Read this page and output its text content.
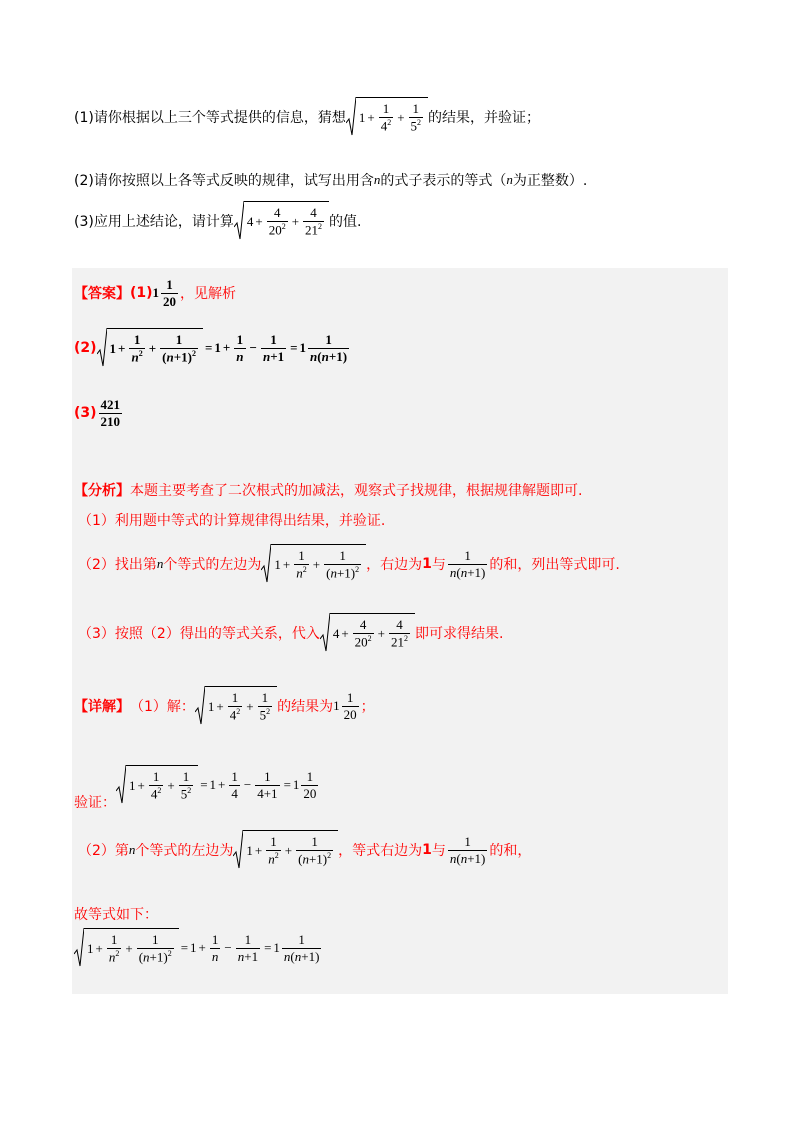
(1)请你根据以上三个等式提供的信息，猜想 $1 + \frac{1}{4^2} + \frac{1}{5^2}$ 的结果，并验证；
(2)请你按照以上各等式反映的规律，试写出用含 n 的式子表示的等式（ n 为正整数）.
(3)应用上述结论，请计算 $4 + \frac{4}{20^2} + \frac{4}{21^2}$ 的值.
【答案】 (1) $1 \frac{1}{20}$ ，见解析
(2) $1 + \frac{1}{n^2} + \frac{1}{(n+1)^2} = 1 + \frac{1}{n} - \frac{1}{n+1} = 1 \frac{1}{n(n+1)}$
$(3) \frac{421}{210}$
【分析】 本题主要考查了二次根式的加减法，观察式子找规律，根据规律解题即可.
（1）利用题中等式的计算规律得出结果，并验证.
（2）找出第 n 个等式的左边为 $1 + \frac{1}{n^2} + \frac{1}{(n+1)^2}$ ，右边为 1 与 $\frac{1}{n(n+1)}$ 的和，列出等式即可.
（3）按照（2）得出的等式关系，代入 $4 + \frac{4}{20^2} + \frac{4}{21^2}$ 即可求得结果.
【详解】 （1）解： $1 + \frac{1}{4^2} + \frac{1}{5^2}$ 的结果为 $1 \frac{1}{20}$ ；
验证：
$1 + \frac{1}{4^2} + \frac{1}{5^2} = 1 + \frac{1}{4} - \frac{1}{4+1} = 1 \frac{1}{20}$
（2）第 n 个等式的左边为 $1 + \frac{1}{n^2} + \frac{1}{(n+1)^2}$ ，等式右边为 1 与 $\frac{1}{n(n+1)}$ 的和，
故等式如下：
$1 + \frac{1}{n^2} + \frac{1}{(n+1)^2} = 1 + \frac{1}{n} - \frac{1}{n+1} = 1 \frac{1}{n(n+1)}$
